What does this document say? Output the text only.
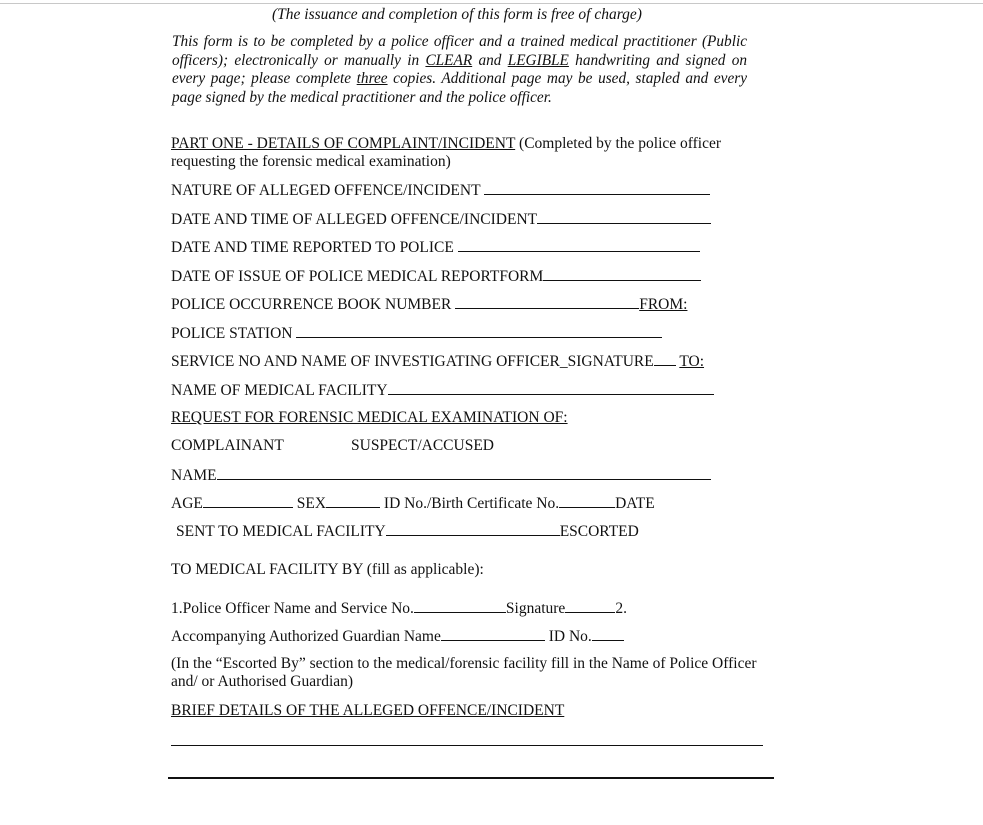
(The issuance and completion of this form is free of charge)
This form is to be completed by a police officer and a trained medical practitioner (Public officers); electronically or manually in CLEAR and LEGIBLE handwriting and signed on every page; please complete three copies. Additional page may be used, stapled and every page signed by the medical practitioner and the police officer.
PART ONE - DETAILS OF COMPLAINT/INCIDENT (Completed by the police officer
requesting the forensic medical examination)
NATURE OF ALLEGED OFFENCE/INCIDENT
DATE AND TIME OF ALLEGED OFFENCE/INCIDENT
DATE AND TIME REPORTED TO POLICE
DATE OF ISSUE OF POLICE MEDICAL REPORTFORM
POLICE OCCURRENCE BOOK NUMBER	FROM:
POLICE STATION
SERVICE NO AND NAME OF INVESTIGATING OFFICER_SIGNATURE TO:
NAME OF MEDICAL FACILITY
REQUEST FOR FORENSIC MEDICAL EXAMINATION OF:
COMPLAINANT	SUSPECT/ACCUSED
NAME
AGE	SEX	ID No./Birth Certificate No.	DATE
SENT TO MEDICAL FACILITY	ESCORTED
TO MEDICAL FACILITY BY (fill as applicable):
1.Police Officer Name and Service No.	Signature	2.
Accompanying Authorized Guardian Name	ID No.
(In the “Escorted By” section to the medical/forensic facility fill in the Name of Police Officer and/ or Authorised Guardian)
BRIEF DETAILS OF THE ALLEGED OFFENCE/INCIDENT
